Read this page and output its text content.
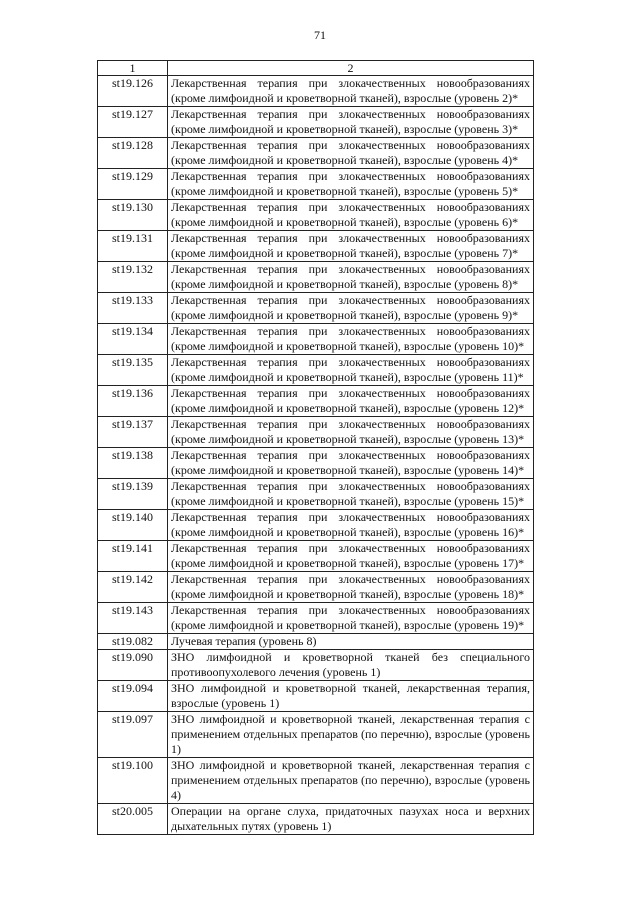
71
1	2
st19.126	Лекарственная терапия при злокачественных новообразованиях (кроме лимфоидной и кроветворной тканей), взрослые (уровень 2)*
st19.127	Лекарственная терапия при злокачественных новообразованиях (кроме лимфоидной и кроветворной тканей), взрослые (уровень 3)*
st19.128	Лекарственная терапия при злокачественных новообразованиях (кроме лимфоидной и кроветворной тканей), взрослые (уровень 4)*
st19.129	Лекарственная терапия при злокачественных новообразованиях (кроме лимфоидной и кроветворной тканей), взрослые (уровень 5)*
st19.130	Лекарственная терапия при злокачественных новообразованиях (кроме лимфоидной и кроветворной тканей), взрослые (уровень 6)*
st19.131	Лекарственная терапия при злокачественных новообразованиях (кроме лимфоидной и кроветворной тканей), взрослые (уровень 7)*
st19.132	Лекарственная терапия при злокачественных новообразованиях (кроме лимфоидной и кроветворной тканей), взрослые (уровень 8)*
st19.133	Лекарственная терапия при злокачественных новообразованиях (кроме лимфоидной и кроветворной тканей), взрослые (уровень 9)*
st19.134	Лекарственная терапия при злокачественных новообразованиях (кроме лимфоидной и кроветворной тканей), взрослые (уровень 10)*
st19.135	Лекарственная терапия при злокачественных новообразованиях (кроме лимфоидной и кроветворной тканей), взрослые (уровень 11)*
st19.136	Лекарственная терапия при злокачественных новообразованиях (кроме лимфоидной и кроветворной тканей), взрослые (уровень 12)*
st19.137	Лекарственная терапия при злокачественных новообразованиях (кроме лимфоидной и кроветворной тканей), взрослые (уровень 13)*
st19.138	Лекарственная терапия при злокачественных новообразованиях (кроме лимфоидной и кроветворной тканей), взрослые (уровень 14)*
st19.139	Лекарственная терапия при злокачественных новообразованиях (кроме лимфоидной и кроветворной тканей), взрослые (уровень 15)*
st19.140	Лекарственная терапия при злокачественных новообразованиях (кроме лимфоидной и кроветворной тканей), взрослые (уровень 16)*
st19.141	Лекарственная терапия при злокачественных новообразованиях (кроме лимфоидной и кроветворной тканей), взрослые (уровень 17)*
st19.142	Лекарственная терапия при злокачественных новообразованиях (кроме лимфоидной и кроветворной тканей), взрослые (уровень 18)*
st19.143	Лекарственная терапия при злокачественных новообразованиях (кроме лимфоидной и кроветворной тканей), взрослые (уровень 19)*
st19.082	Лучевая терапия (уровень 8)
st19.090	ЗНО лимфоидной и кроветворной тканей без специального противоопухолевого лечения (уровень 1)
st19.094	ЗНО лимфоидной и кроветворной тканей, лекарственная терапия, взрослые (уровень 1)
st19.097	ЗНО лимфоидной и кроветворной тканей, лекарственная терапия с применением отдельных препаратов (по перечню), взрослые (уровень 1)
st19.100	ЗНО лимфоидной и кроветворной тканей, лекарственная терапия с применением отдельных препаратов (по перечню), взрослые (уровень 4)
st20.005	Операции на органе слуха, придаточных пазухах носа и верхних дыхательных путях (уровень 1)
